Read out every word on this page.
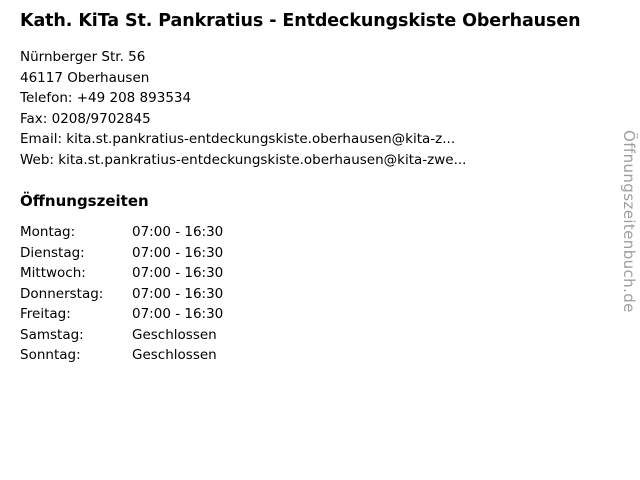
Kath. KiTa St. Pankratius - Entdeckungskiste Oberhausen
Nürnberger Str. 56
46117 Oberhausen
Telefon: +49 208 893534
Fax: 0208/9702845
Email: kita.st.pankratius-entdeckungskiste.oberhausen@kita-z...
Web: kita.st.pankratius-entdeckungskiste.oberhausen@kita-zwe...
Öffnungszeiten
Montag:	07:00 - 16:30
Dienstag:	07:00 - 16:30
Mittwoch:	07:00 - 16:30
Donnerstag:	07:00 - 16:30
Freitag:	07:00 - 16:30
Samstag:	Geschlossen
Sonntag:	Geschlossen
Öffnungszeitenbuch.de
